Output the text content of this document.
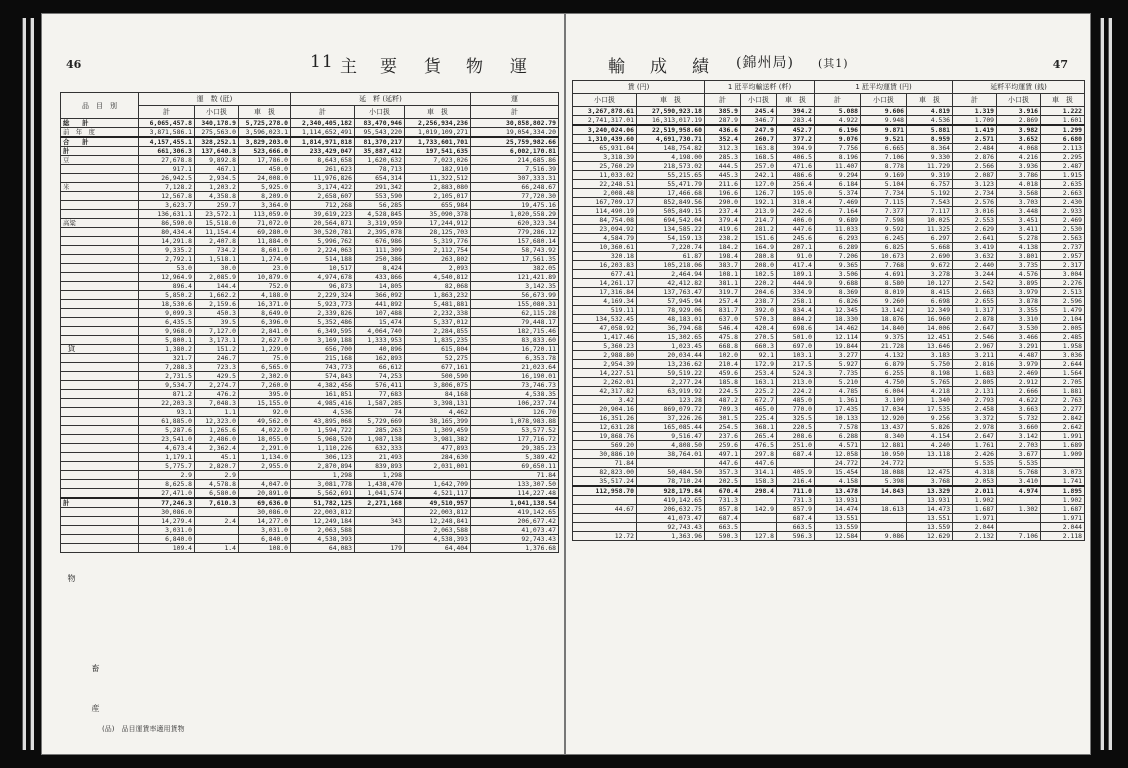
46	11 主 要 貨 物 運
品　目　別	運　数 (瓩)			延　粁 (延粁)			運
	計	小口扱	車　扱	計	小口扱	車　扱	計
総　　計	6,065,457.8	340,178.9	5,725,278.0	2,340,405,182	83,470,946	2,256,934,236	30,858,802.79
前　年　度	3,871,586.1	275,563.0	3,596,023.1	1,114,652,491	95,543,220	1,019,109,271	19,054,334.20
合　　計	4,157,455.1	328,252.1	3,829,203.0	1,814,971,818	81,370,217	1,733,601,701	25,759,982.66
計	661,306.3	137,640.3	523,666.0	233,429,047	35,887,412	197,541,635	6,002,170.81
豆	27,678.8	9,892.8	17,786.0	8,643,658	1,620,632	7,023,026	214,685.86
	917.1	467.1	450.0	261,623	78,713	182,910	7,516.39
	26,942.5	2,934.5	24,008.0	11,976,826	654,314	11,322,512	307,333.31
米	7,128.2	1,203.2	5,925.0	3,174,422	291,342	2,883,080	66,248.67
	12,567.8	4,358.8	8,209.0	2,658,607	553,590	2,105,017	77,720.30
	3,623.7	259.7	3,364.0	712,268	56,285	655,984	19,475.16
	136,631.1	23,572.1	113,059.0	39,619,223	4,528,845	35,090,378	1,020,558.29
高粱	86,590.0	15,518.0	71,072.0	20,564,871	3,319,959	17,244,912	620,323.34
	80,434.4	11,154.4	69,280.0	30,520,781	2,395,078	28,125,703	779,286.12
	14,291.8	2,407.8	11,884.0	5,996,762	676,986	5,319,776	157,680.14
	9,335.2	734.2	8,601.0	2,224,063	111,309	2,112,754	58,743.92
	2,792.1	1,518.1	1,274.0	514,188	250,386	263,802	17,561.35
	53.0	30.0	23.0	10,517	8,424	2,093	382.05
	12,964.9	2,085.9	10,879.0	4,974,678	433,866	4,540,812	121,421.89
	896.4	144.4	752.0	96,873	14,805	82,068	3,142.35
	5,850.2	1,662.2	4,188.0	2,229,324	366,092	1,863,232	56,673.99
	18,530.6	2,159.6	16,371.0	5,923,773	441,892	5,481,881	155,080.31
	9,099.3	450.3	8,649.0	2,339,826	107,488	2,232,338	62,115.28
	6,435.5	39.5	6,396.0	5,352,486	15,474	5,337,012	79,448.17
	9,968.0	7,127.0	2,841.0	6,349,595	4,064,740	2,284,855	182,715.46
	5,800.1	3,173.1	2,627.0	3,169,188	1,333,953	1,835,235	83,833.60
	1,380.2	151.2	1,229.0	656,700	40,896	615,804	16,720.11
	321.7	246.7	75.0	215,168	162,893	52,275	6,353.78
	7,288.3	723.3	6,565.0	743,773	66,612	677,161	21,023.64
	2,731.5	429.5	2,302.0	574,843	74,253	500,590	16,190.01
	9,534.7	2,274.7	7,260.0	4,382,456	576,411	3,806,075	73,746.73
	871.2	476.2	395.0	161,851	77,683	84,168	4,538.35
	22,203.3	7,048.3	15,155.0	4,985,416	1,587,285	3,398,131	106,237.74
	93.1	1.1	92.0	4,536	74	4,462	126.70
	61,885.0	12,323.0	49,562.0	43,895,068	5,729,669	38,165,399	1,078,983.88
	5,287.6	1,265.6	4,022.0	1,594,722	285,263	1,309,459	53,577.52
	23,541.0	2,486.0	18,055.0	5,968,520	1,987,138	3,981,382	177,716.72
	4,673.4	2,362.4	2,291.0	1,110,226	632,333	477,893	29,385.23
	1,179.1	45.1	1,134.0	306,123	21,493	284,630	5,389.42
	5,775.7	2,820.7	2,955.0	2,870,894	839,893	2,031,001	69,650.11
	2.9	2.9		1,298	1,298		71.84
	8,625.8	4,578.8	4,047.0	3,081,778	1,438,470	1,642,709	133,307.50
	27,471.0	6,580.0	20,891.0	5,562,691	1,041,574	4,521,117	114,227.48
計	77,246.3	7,610.3	69,636.0	51,782,125	2,271,168	49,510,957	1,041,138.54
	30,086.0		30,086.0	22,003,812		22,003,812	419,142.65
	14,279.4	2.4	14,277.0	12,249,184	343	12,248,841	206,677.42
	3,031.0		3,031.0	2,063,588		2,063,588	41,073.47
	6,840.0		6,840.0	4,538,393		4,538,393	92,743.43
	109.4	1.4	108.0	64,083	179	64,404	1,376.68
貨
物
畜
産
(品)　品目運賃率適用貨物
47
輸 成 績 (錦州局) (其1)
賃 (円)		1 瓩平均輸送粁 (粁)			1 瓩平均運賃 (円)			延粁平均運賃 (銭)		
小口扱	車　扱	計	小口扱	車　扱	計	小口扱	車　扱	計	小口扱	車　扱
3,267,878.61	27,590,923.18	385.9	245.4	394.2	5.088	9.606	4.819	1.319	3.916	1.222
2,741,317.01	16,313,017.19	287.9	346.7	283.4	4.922	9.948	4.536	1.709	2.869	1.601
3,240,024.06	22,519,958.60	436.6	247.9	452.7	6.196	9.871	5.881	1.419	3.982	1.299
1,310,439.60	4,691,730.71	352.4	260.7	377.2	9.076	9.521	8.959	2.571	3.652	6.680
65,931.04	148,754.82	312.3	163.8	394.9	7.756	6.665	8.364	2.484	4.068	2.113
3,318.39	4,198.00	285.3	168.5	406.5	8.196	7.106	9.330	2.876	4.216	2.295
25,760.29	218,573.02	444.5	257.0	471.6	11.407	8.778	11.729	2.566	3.936	2.487
11,033.02	55,215.65	445.3	242.1	486.6	9.294	9.169	9.319	2.087	3.786	1.915
22,248.51	55,471.79	211.6	127.0	256.4	6.184	5.104	6.757	3.123	4.018	2.635
2,008.48	17,466.68	196.6	126.7	195.0	5.374	7.734	5.192	2.734	3.568	2.663
167,709.17	852,849.56	290.0	192.1	310.4	7.469	7.115	7.543	2.576	3.703	2.430
114,490.19	505,849.15	237.4	213.9	242.6	7.164	7.377	7.117	3.016	3.448	2.933
84,754.08	694,542.04	379.4	214.7	406.0	9.689	7.598	10.025	2.553	3.451	2.469
23,094.92	134,585.22	419.6	281.2	447.6	11.033	9.592	11.325	2.629	3.411	2.530
4,584.79	54,159.13	238.2	151.6	245.6	6.293	6.245	6.297	2.641	5.278	2.563
10,360.61	7,220.74	184.2	164.9	207.1	6.289	6.825	5.668	3.419	4.138	2.737
320.18	61.87	198.4	280.8	91.0	7.206	10.673	2.690	3.632	3.801	2.957
16,203.83	105,218.06	383.7	208.0	417.4	9.365	7.768	9.672	2.440	3.735	2.317
677.41	2,464.94	108.1	102.5	109.1	3.506	4.691	3.278	3.244	4.576	3.004
14,261.17	42,412.82	381.1	220.2	444.9	9.688	8.580	10.127	2.542	3.895	2.276
17,316.84	137,763.47	319.7	204.6	334.9	8.369	8.019	8.415	2.663	3.979	2.513
4,169.34	57,945.94	257.4	238.7	258.1	6.826	9.260	6.698	2.655	3.878	2.596
519.11	78,929.06	831.7	392.0	834.4	12.345	13.142	12.349	1.317	3.355	1.479
134,532.45	48,183.01	637.0	570.3	804.2	18.330	18.876	16.960	2.878	3.310	2.104
47,058.92	36,794.68	546.4	420.4	698.6	14.462	14.840	14.006	2.647	3.530	2.005
1,417.46	15,302.65	475.8	270.5	501.0	12.114	9.375	12.451	2.546	3.466	2.485
5,360.23	1,023.45	668.8	660.3	697.0	19.844	21.728	13.646	2.967	3.291	1.958
2,988.80	20,034.44	102.0	92.1	103.1	3.277	4.132	3.183	3.211	4.487	3.036
2,954.39	13,236.62	210.4	172.9	217.5	5.927	6.879	5.750	2.816	3.979	2.644
14,227.51	59,519.22	459.6	253.4	524.3	7.735	6.255	8.198	1.683	2.469	1.564
2,262.01	2,277.24	185.8	163.1	213.0	5.210	4.750	5.765	2.805	2.912	2.705
42,317.82	63,919.92	224.5	225.2	224.2	4.785	6.004	4.218	2.131	2.666	1.881
3.42	123.28	487.2	672.7	485.0	1.361	3.109	1.340	2.793	4.622	2.763
20,904.16	869,079.72	709.3	465.0	770.0	17.435	17.034	17.535	2.458	3.663	2.277
16,351.26	37,226.26	301.5	225.4	325.5	10.133	12.920	9.256	3.372	5.732	2.842
12,631.28	165,085.44	254.5	368.1	220.5	7.578	13.437	5.826	2.978	3.660	2.642
19,868.76	9,516.47	237.6	265.4	208.6	6.288	8.340	4.154	2.647	3.142	1.991
569.20	4,808.50	259.6	476.5	251.0	4.571	12.881	4.240	1.761	2.703	1.689
30,886.10	38,764.01	497.1	297.8	687.4	12.058	10.950	13.118	2.426	3.677	1.909
71.84		447.6	447.6		24.772	24.772		5.535	5.535	
82,823.00	50,484.50	357.3	314.1	405.9	15.454	18.088	12.475	4.318	5.768	3.073
35,517.24	78,710.24	202.5	158.3	216.4	4.158	5.398	3.768	2.053	3.410	1.741
112,958.70	928,179.84	670.4	298.4	711.0	13.478	14.843	13.329	2.011	4.974	1.895
	419,142.65	731.3		731.3	13.931		13.931	1.902		1.902
44.67	206,632.75	857.8	142.9	857.9	14.474	18.613	14.473	1.687	1.302	1.687
	41,073.47	687.4		687.4	13.551		13.551	1.971		1.971
	92,743.43	663.5		663.5	13.559		13.559	2.044		2.044
12.72	1,363.96	590.3	127.8	596.3	12.584	9.086	12.629	2.132	7.106	2.118
